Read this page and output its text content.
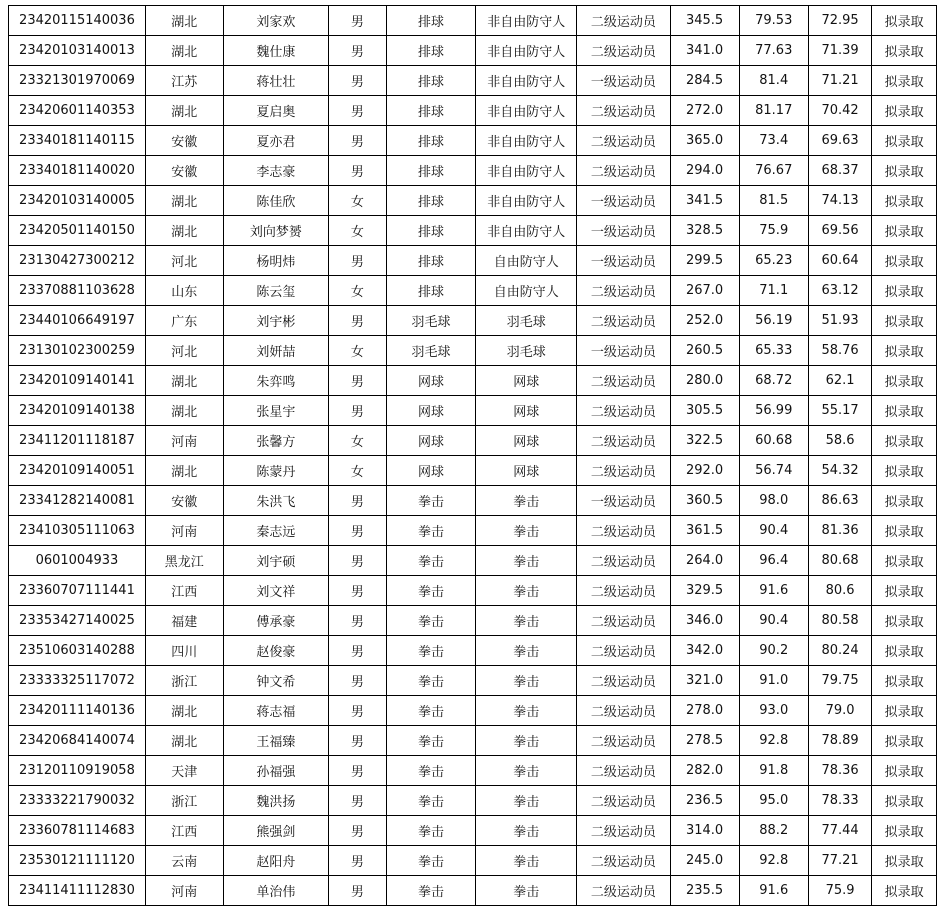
23420115140036	湖北	刘家欢	男	排球	非自由防守人	二级运动员	345.5	79.53	72.95	拟录取
23420103140013	湖北	魏仕康	男	排球	非自由防守人	二级运动员	341.0	77.63	71.39	拟录取
23321301970069	江苏	蒋壮壮	男	排球	非自由防守人	一级运动员	284.5	81.4	71.21	拟录取
23420601140353	湖北	夏启奥	男	排球	非自由防守人	二级运动员	272.0	81.17	70.42	拟录取
23340181140115	安徽	夏亦君	男	排球	非自由防守人	二级运动员	365.0	73.4	69.63	拟录取
23340181140020	安徽	李志豪	男	排球	非自由防守人	二级运动员	294.0	76.67	68.37	拟录取
23420103140005	湖北	陈佳欣	女	排球	非自由防守人	一级运动员	341.5	81.5	74.13	拟录取
23420501140150	湖北	刘向梦赟	女	排球	非自由防守人	一级运动员	328.5	75.9	69.56	拟录取
23130427300212	河北	杨明炜	男	排球	自由防守人	一级运动员	299.5	65.23	60.64	拟录取
23370881103628	山东	陈云玺	女	排球	自由防守人	二级运动员	267.0	71.1	63.12	拟录取
23440106649197	广东	刘宇彬	男	羽毛球	羽毛球	二级运动员	252.0	56.19	51.93	拟录取
23130102300259	河北	刘妍喆	女	羽毛球	羽毛球	一级运动员	260.5	65.33	58.76	拟录取
23420109140141	湖北	朱弈鸣	男	网球	网球	二级运动员	280.0	68.72	62.1	拟录取
23420109140138	湖北	张星宇	男	网球	网球	二级运动员	305.5	56.99	55.17	拟录取
23411201118187	河南	张馨方	女	网球	网球	二级运动员	322.5	60.68	58.6	拟录取
23420109140051	湖北	陈蒙丹	女	网球	网球	二级运动员	292.0	56.74	54.32	拟录取
23341282140081	安徽	朱洪飞	男	拳击	拳击	一级运动员	360.5	98.0	86.63	拟录取
23410305111063	河南	秦志远	男	拳击	拳击	二级运动员	361.5	90.4	81.36	拟录取
0601004933	黑龙江	刘宇硕	男	拳击	拳击	二级运动员	264.0	96.4	80.68	拟录取
23360707111441	江西	刘文祥	男	拳击	拳击	二级运动员	329.5	91.6	80.6	拟录取
23353427140025	福建	傅承豪	男	拳击	拳击	二级运动员	346.0	90.4	80.58	拟录取
23510603140288	四川	赵俊豪	男	拳击	拳击	二级运动员	342.0	90.2	80.24	拟录取
23333325117072	浙江	钟文希	男	拳击	拳击	二级运动员	321.0	91.0	79.75	拟录取
23420111140136	湖北	蒋志福	男	拳击	拳击	二级运动员	278.0	93.0	79.0	拟录取
23420684140074	湖北	王福臻	男	拳击	拳击	二级运动员	278.5	92.8	78.89	拟录取
23120110919058	天津	孙福强	男	拳击	拳击	二级运动员	282.0	91.8	78.36	拟录取
23333221790032	浙江	魏洪扬	男	拳击	拳击	二级运动员	236.5	95.0	78.33	拟录取
23360781114683	江西	熊强剑	男	拳击	拳击	二级运动员	314.0	88.2	77.44	拟录取
23530121111120	云南	赵阳舟	男	拳击	拳击	二级运动员	245.0	92.8	77.21	拟录取
23411411112830	河南	单治伟	男	拳击	拳击	二级运动员	235.5	91.6	75.9	拟录取
